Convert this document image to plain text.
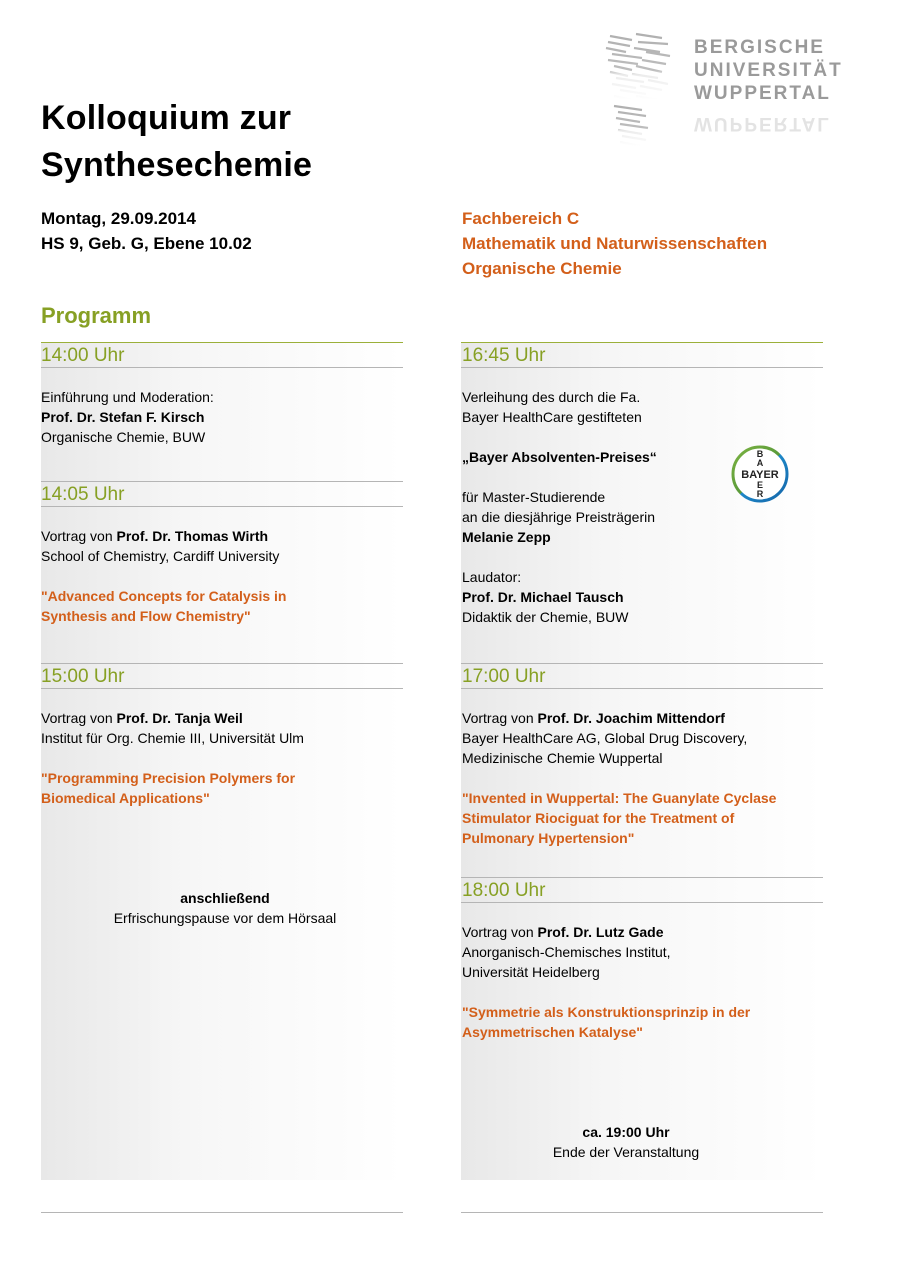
BERGISCHE
UNIVERSITÄT
WUPPERTAL
WUPPERTAL
Kolloquium zur
Synthesechemie
Montag, 29.09.2014
HS 9, Geb. G, Ebene 10.02
Fachbereich C
Mathematik und Naturwissenschaften
Organische Chemie
Programm
14:00 Uhr
Einführung und Moderation:
Prof. Dr. Stefan F. Kirsch
Organische Chemie, BUW
14:05 Uhr
Vortrag von Prof. Dr. Thomas Wirth
School of Chemistry, Cardiff University
"Advanced Concepts for Catalysis in
Synthesis and Flow Chemistry"
15:00 Uhr
Vortrag von Prof. Dr. Tanja Weil
Institut für Org. Chemie III, Universität Ulm
"Programming Precision Polymers for
Biomedical Applications"
anschließend
Erfrischungspause vor dem Hörsaal
16:45 Uhr
Verleihung des durch die Fa.
Bayer HealthCare gestifteten
„Bayer Absolventen-Preises“
für Master-Studierende
an die diesjährige Preisträgerin
Melanie Zepp
Laudator:
Prof. Dr. Michael Tausch
Didaktik der Chemie, BUW
BAYER
B
A
E
R
17:00 Uhr
Vortrag von Prof. Dr. Joachim Mittendorf
Bayer HealthCare AG, Global Drug Discovery,
Medizinische Chemie Wuppertal
"Invented in Wuppertal: The Guanylate Cyclase
Stimulator Riociguat for the Treatment of
Pulmonary Hypertension"
18:00 Uhr
Vortrag von Prof. Dr. Lutz Gade
Anorganisch-Chemisches Institut,
Universität Heidelberg
"Symmetrie als Konstruktionsprinzip in der
Asymmetrischen Katalyse"
ca. 19:00 Uhr
Ende der Veranstaltung
